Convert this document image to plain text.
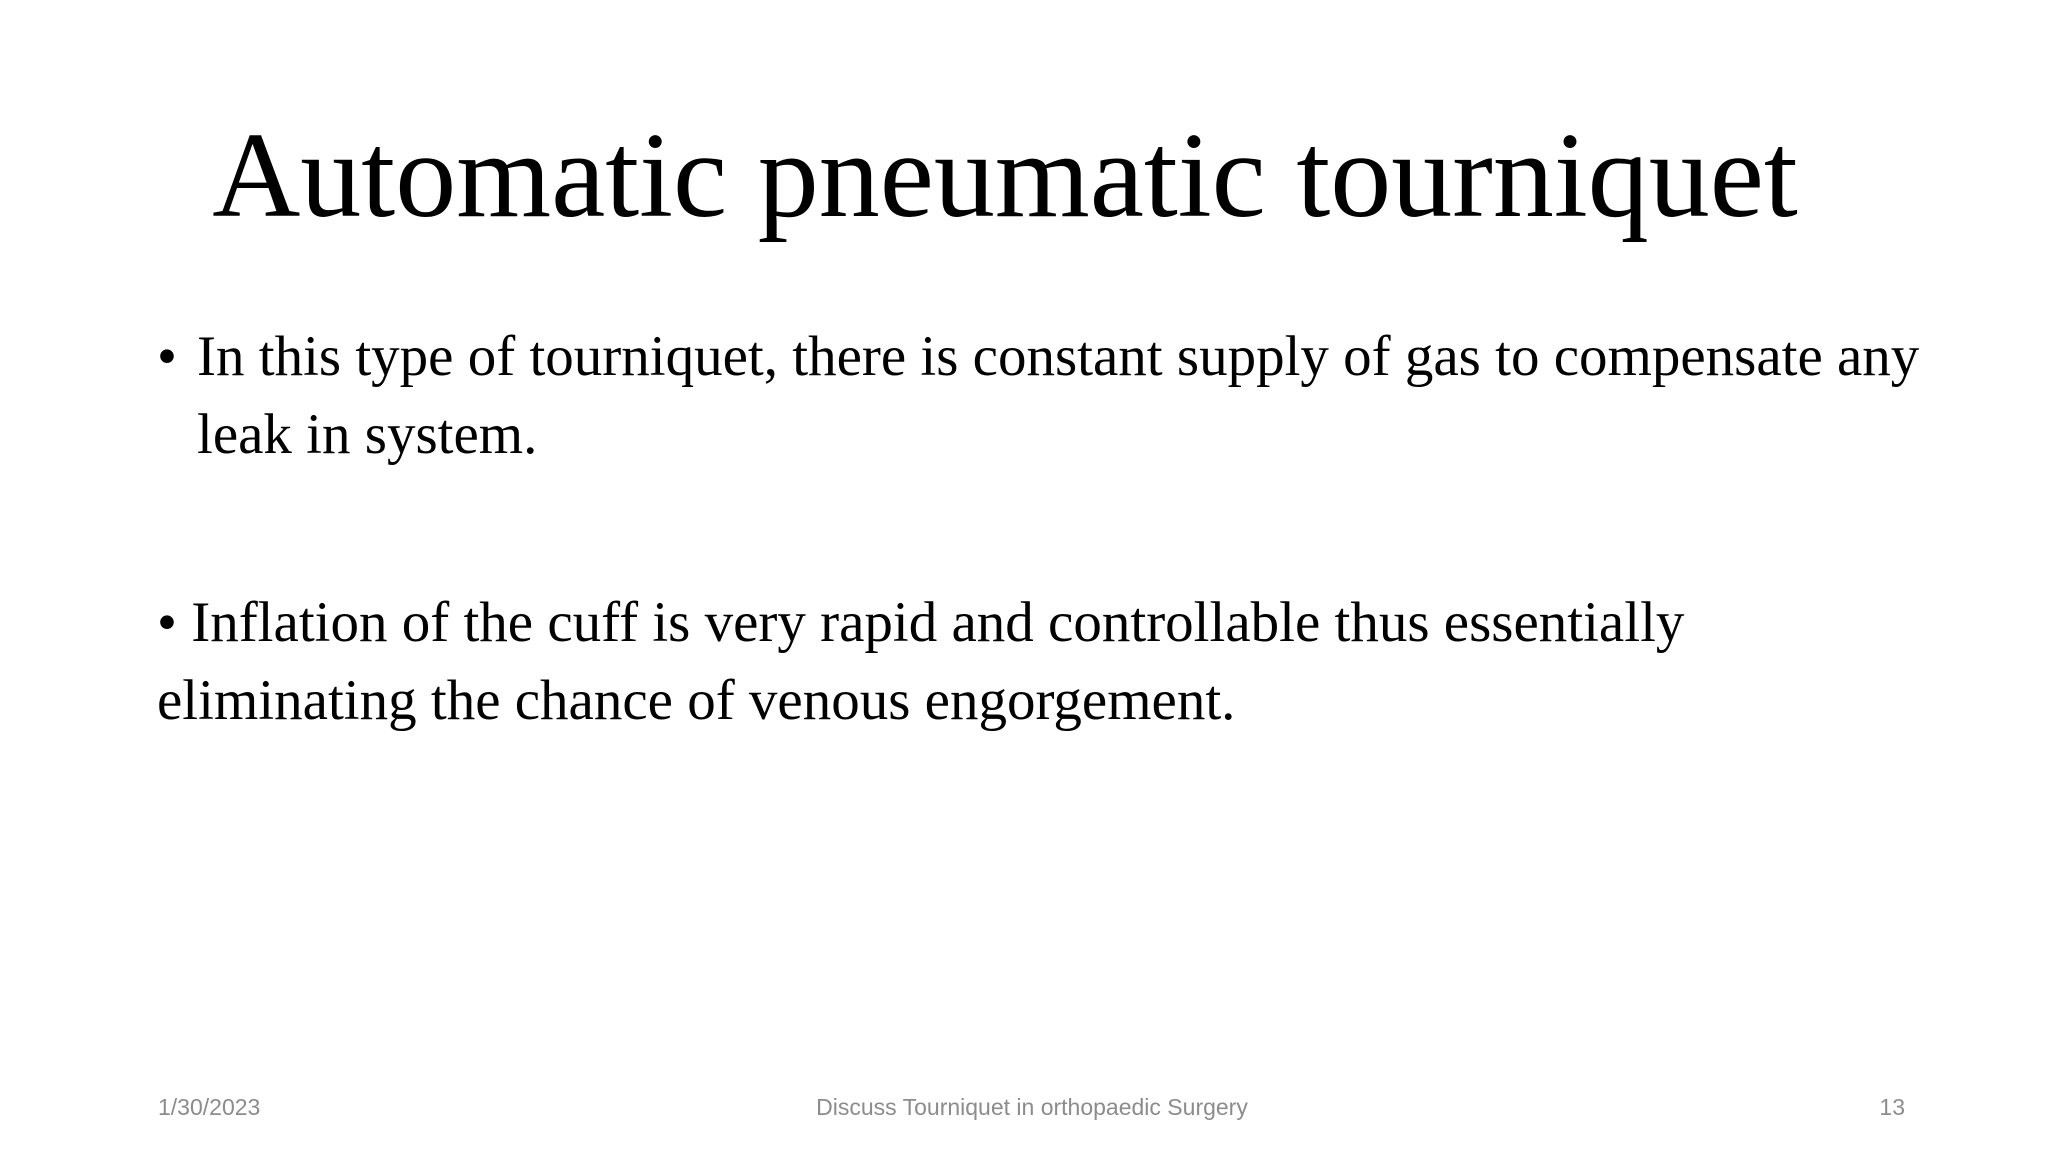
Automatic pneumatic tourniquet
• In this type of tourniquet, there is constant supply of gas to compensate any leak in system.
• Inflation of the cuff is very rapid and controllable thus essentially eliminating the chance of venous engorgement.
1/30/2023	Discuss Tourniquet in orthopaedic Surgery	13
